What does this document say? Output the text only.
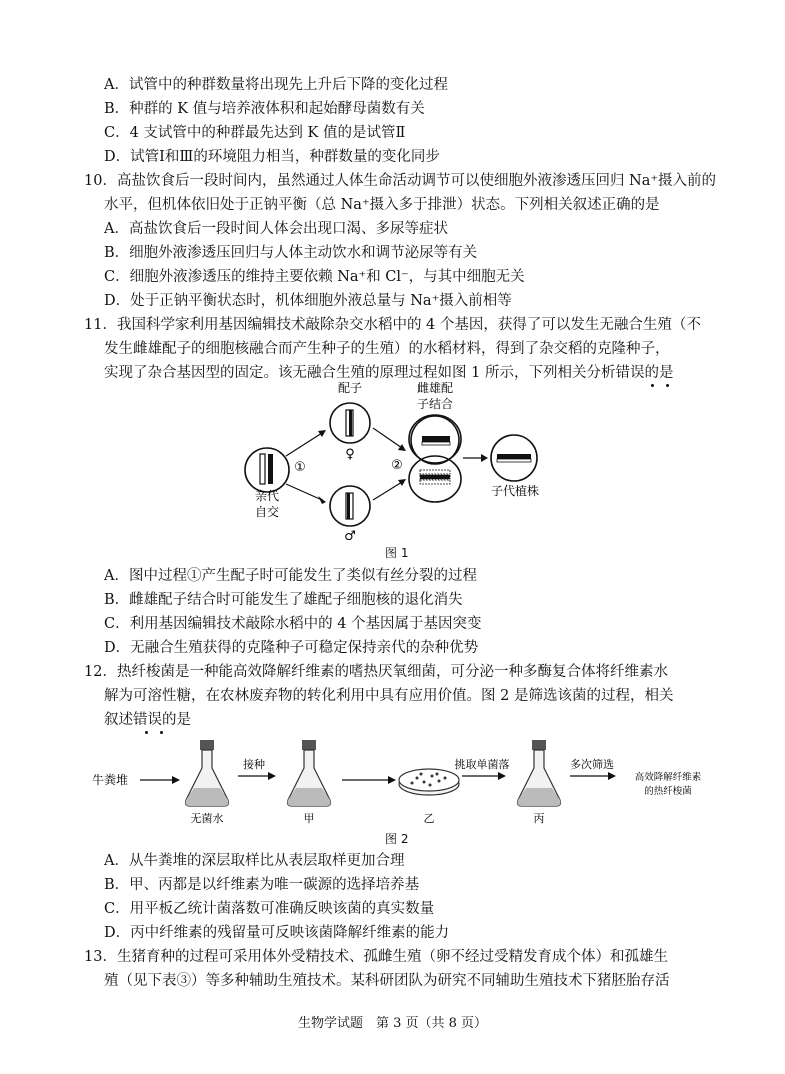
A．试管中的种群数量将出现先上升后下降的变化过程
B．种群的 K 值与培养液体积和起始酵母菌数有关
C．4 支试管中的种群最先达到 K 值的是试管Ⅱ
D．试管Ⅰ和Ⅲ的环境阻力相当，种群数量的变化同步
10．高盐饮食后一段时间内，虽然通过人体生命活动调节可以使细胞外液渗透压回归 Na⁺摄入前的
水平，但机体依旧处于正钠平衡（总 Na⁺摄入多于排泄）状态。下列相关叙述正确的是
A．高盐饮食后一段时间人体会出现口渴、多尿等症状
B．细胞外液渗透压回归与人体主动饮水和调节泌尿等有关
C．细胞外液渗透压的维持主要依赖 Na⁺和 Cl⁻，与其中细胞无关
D．处于正钠平衡状态时，机体细胞外液总量与 Na⁺摄入前相等
11．我国科学家利用基因编辑技术敲除杂交水稻中的 4 个基因，获得了可以发生无融合生殖（不
发生雌雄配子的细胞核融合而产生种子的生殖）的水稻材料，得到了杂交稻的克隆种子，
实现了杂合基因型的固定。该无融合生殖的原理过程如图 1 所示，下列相关分析错误的是
A．图中过程①产生配子时可能发生了类似有丝分裂的过程
B．雌雄配子结合时可能发生了雄配子细胞核的退化消失
C．利用基因编辑技术敲除水稻中的 4 个基因属于基因突变
D．无融合生殖获得的克隆种子可稳定保持亲代的杂种优势
12．热纤梭菌是一种能高效降解纤维素的嗜热厌氧细菌，可分泌一种多酶复合体将纤维素水
解为可溶性糖，在农林废弃物的转化利用中具有应用价值。图 2 是筛选该菌的过程，相关
叙述错误的是
A．从牛粪堆的深层取样比从表层取样更加合理
B．甲、丙都是以纤维素为唯一碳源的选择培养基
C．用平板乙统计菌落数可准确反映该菌的真实数量
D．丙中纤维素的残留量可反映该菌降解纤维素的能力
13．生猪育种的过程可采用体外受精技术、孤雌生殖（卵不经过受精发育成个体）和孤雄生
殖（见下表③）等多种辅助生殖技术。某科研团队为研究不同辅助生殖技术下猪胚胎存活
亲代
自交
①
配子
♀
♂
②
雌雄配
子结合
子代植株
图 1
牛粪堆
无菌水
接种
甲	乙
挑取单菌落
丙
多次筛选
高效降解纤维素
的热纤梭菌
图 2
生物学试题　第 3 页（共 8 页）
